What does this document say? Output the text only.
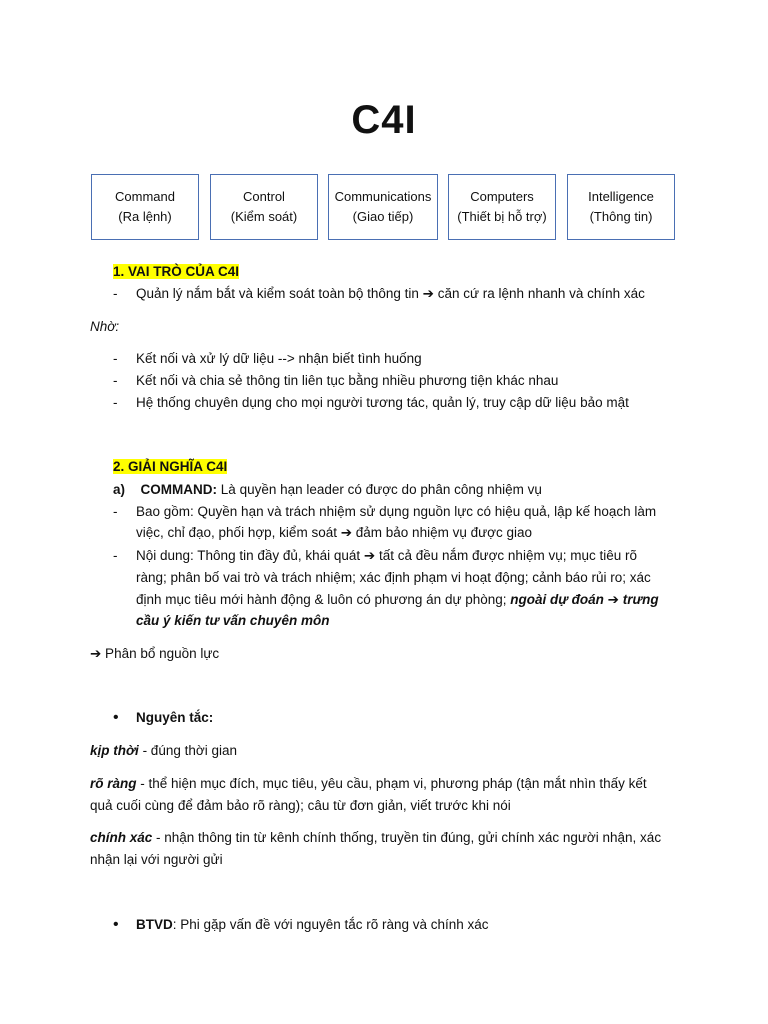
C4I
Command
(Ra lệnh)
Control
(Kiểm soát)
Communications
(Giao tiếp)
Computers
(Thiết bị hỗ trợ)
Intelligence
(Thông tin)
1. VAI TRÒ CỦA C4I
- Quản lý nắm bắt và kiểm soát toàn bộ thông tin ➔ căn cứ ra lệnh nhanh và chính xác
Nhờ:
- Kết nối và xử lý dữ liệu --> nhận biết tình huống
- Kết nối và chia sẻ thông tin liên tục bằng nhiều phương tiện khác nhau
- Hệ thống chuyên dụng cho mọi người tương tác, quản lý, truy cập dữ liệu bảo mật
2. GIẢI NGHĨA C4I
a) COMMAND: Là quyền hạn leader có được do phân công nhiệm vụ
- Bao gồm: Quyền hạn và trách nhiệm sử dụng nguồn lực có hiệu quả, lập kế hoạch làm
việc, chỉ đạo, phối hợp, kiểm soát ➔ đảm bảo nhiệm vụ được giao
- Nội dung: Thông tin đầy đủ, khái quát ➔ tất cả đều nắm được nhiệm vụ; mục tiêu rõ
ràng; phân bố vai trò và trách nhiệm; xác định phạm vi hoạt động; cảnh báo rủi ro; xác
định mục tiêu mới hành động & luôn có phương án dự phòng; ngoài dự đoán ➔ trưng
cầu ý kiến tư vấn chuyên môn
➔ Phân bổ nguồn lực
• Nguyên tắc:
kịp thời - đúng thời gian
rõ ràng - thể hiện mục đích, mục tiêu, yêu cầu, phạm vi, phương pháp (tận mắt nhìn thấy kết
quả cuối cùng để đảm bảo rõ ràng); câu từ đơn giản, viết trước khi nói
chính xác - nhận thông tin từ kênh chính thống, truyền tin đúng, gửi chính xác người nhận, xác
nhận lại với người gửi
• BTVD: Phi gặp vấn đề với nguyên tắc rõ ràng và chính xác
